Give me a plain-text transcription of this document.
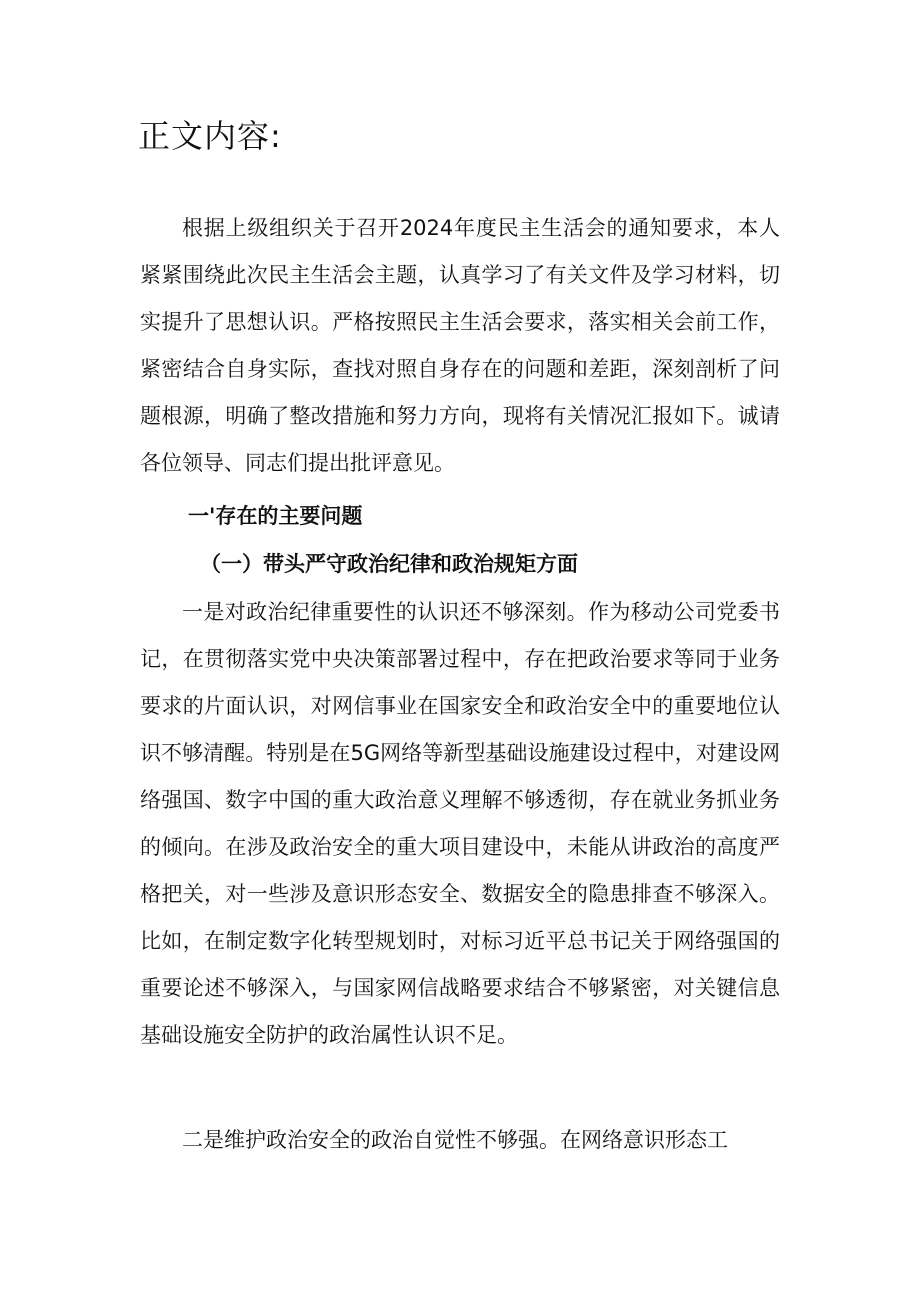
正文内容:

根据上级组织关于召开2024年度民主生活会的通知要求，本人紧紧围绕此次民主生活会主题，认真学习了有关文件及学习材料，切实提升了思想认识。严格按照民主生活会要求，落实相关会前工作，紧密结合自身实际，查找对照自身存在的问题和差距，深刻剖析了问题根源，明确了整改措施和努力方向，现将有关情况汇报如下。诚请各位领导、同志们提出批评意见。

一'存在的主要问题

（一）带头严守政治纪律和政治规矩方面

一是对政治纪律重要性的认识还不够深刻。作为移动公司党委书记，在贯彻落实党中央决策部署过程中，存在把政治要求等同于业务要求的片面认识，对网信事业在国家安全和政治安全中的重要地位认识不够清醒。特别是在5G网络等新型基础设施建设过程中，对建设网络强国、数字中国的重大政治意义理解不够透彻，存在就业务抓业务的倾向。在涉及政治安全的重大项目建设中，未能从讲政治的高度严格把关，对一些涉及意识形态安全、数据安全的隐患排查不够深入。比如，在制定数字化转型规划时，对标习近平总书记关于网络强国的重要论述不够深入，与国家网信战略要求结合不够紧密，对关键信息基础设施安全防护的政治属性认识不足。

二是维护政治安全的政治自觉性不够强。在网络意识形态工
